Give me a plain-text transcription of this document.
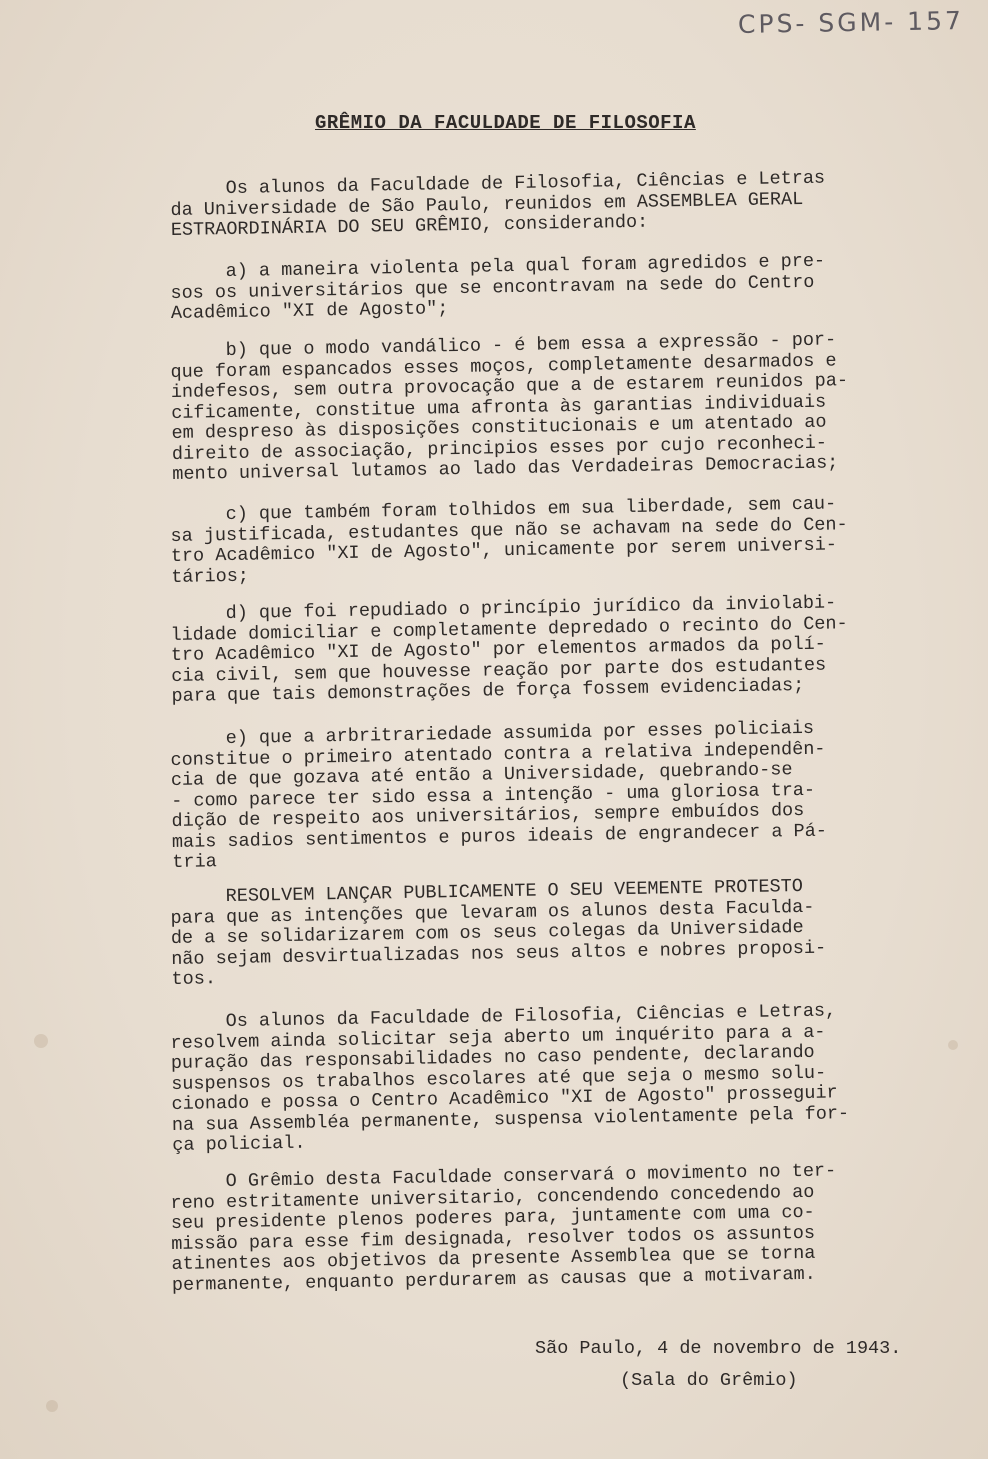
CPS- SGM- 157
GRÊMIO DA FACULDADE DE FILOSOFIA
Os alunos da Faculdade de Filosofia, Ciências e Letras
da Universidade de São Paulo, reunidos em ASSEMBLEA GERAL
ESTRAORDINÁRIA DO SEU GRÊMIO, considerando:
a) a maneira violenta pela qual foram agredidos e pre-
sos os universitários que se encontravam na sede do Centro
Acadêmico "XI de Agosto";
b) que o modo vandálico - é bem essa a expressão - por-
que foram espancados esses moços, completamente desarmados e
indefesos, sem outra provocação que a de estarem reunidos pa-
cificamente, constitue uma afronta às garantias individuais
em despreso às disposições constitucionais e um atentado ao
direito de associação, principios esses por cujo reconheci-
mento universal lutamos ao lado das Verdadeiras Democracias;
c) que também foram tolhidos em sua liberdade, sem cau-
sa justificada, estudantes que não se achavam na sede do Cen-
tro Acadêmico "XI de Agosto", unicamente por serem universi-
tários;
d) que foi repudiado o princípio jurídico da inviolabi-
lidade domiciliar e completamente depredado o recinto do Cen-
tro Acadêmico "XI de Agosto" por elementos armados da polí-
cia civil, sem que houvesse reação por parte dos estudantes
para que tais demonstrações de força fossem evidenciadas;
e) que a arbritrariedade assumida por esses policiais
constitue o primeiro atentado contra a relativa independên-
cia de que gozava até então a Universidade, quebrando-se
- como parece ter sido essa a intenção - uma gloriosa tra-
dição de respeito aos universitários, sempre embuídos dos
mais sadios sentimentos e puros ideais de engrandecer a Pá-
tria
RESOLVEM LANÇAR PUBLICAMENTE O SEU VEEMENTE PROTESTO
para que as intenções que levaram os alunos desta Faculda-
de a se solidarizarem com os seus colegas da Universidade
não sejam desvirtualizadas nos seus altos e nobres proposi-
tos.
Os alunos da Faculdade de Filosofia, Ciências e Letras,
resolvem ainda solicitar seja aberto um inquérito para a a-
puração das responsabilidades no caso pendente, declarando
suspensos os trabalhos escolares até que seja o mesmo solu-
cionado e possa o Centro Acadêmico "XI de Agosto" prosseguir
na sua Assembléa permanente, suspensa violentamente pela for-
ça policial.
O Grêmio desta Faculdade conservará o movimento no ter-
reno estritamente universitario, concendendo concedendo ao
seu presidente plenos poderes para, juntamente com uma co-
missão para esse fim designada, resolver todos os assuntos
atinentes aos objetivos da presente Assemblea que se torna
permanente, enquanto perdurarem as causas que a motivaram.
São Paulo, 4 de novembro de 1943.
(Sala do Grêmio)
